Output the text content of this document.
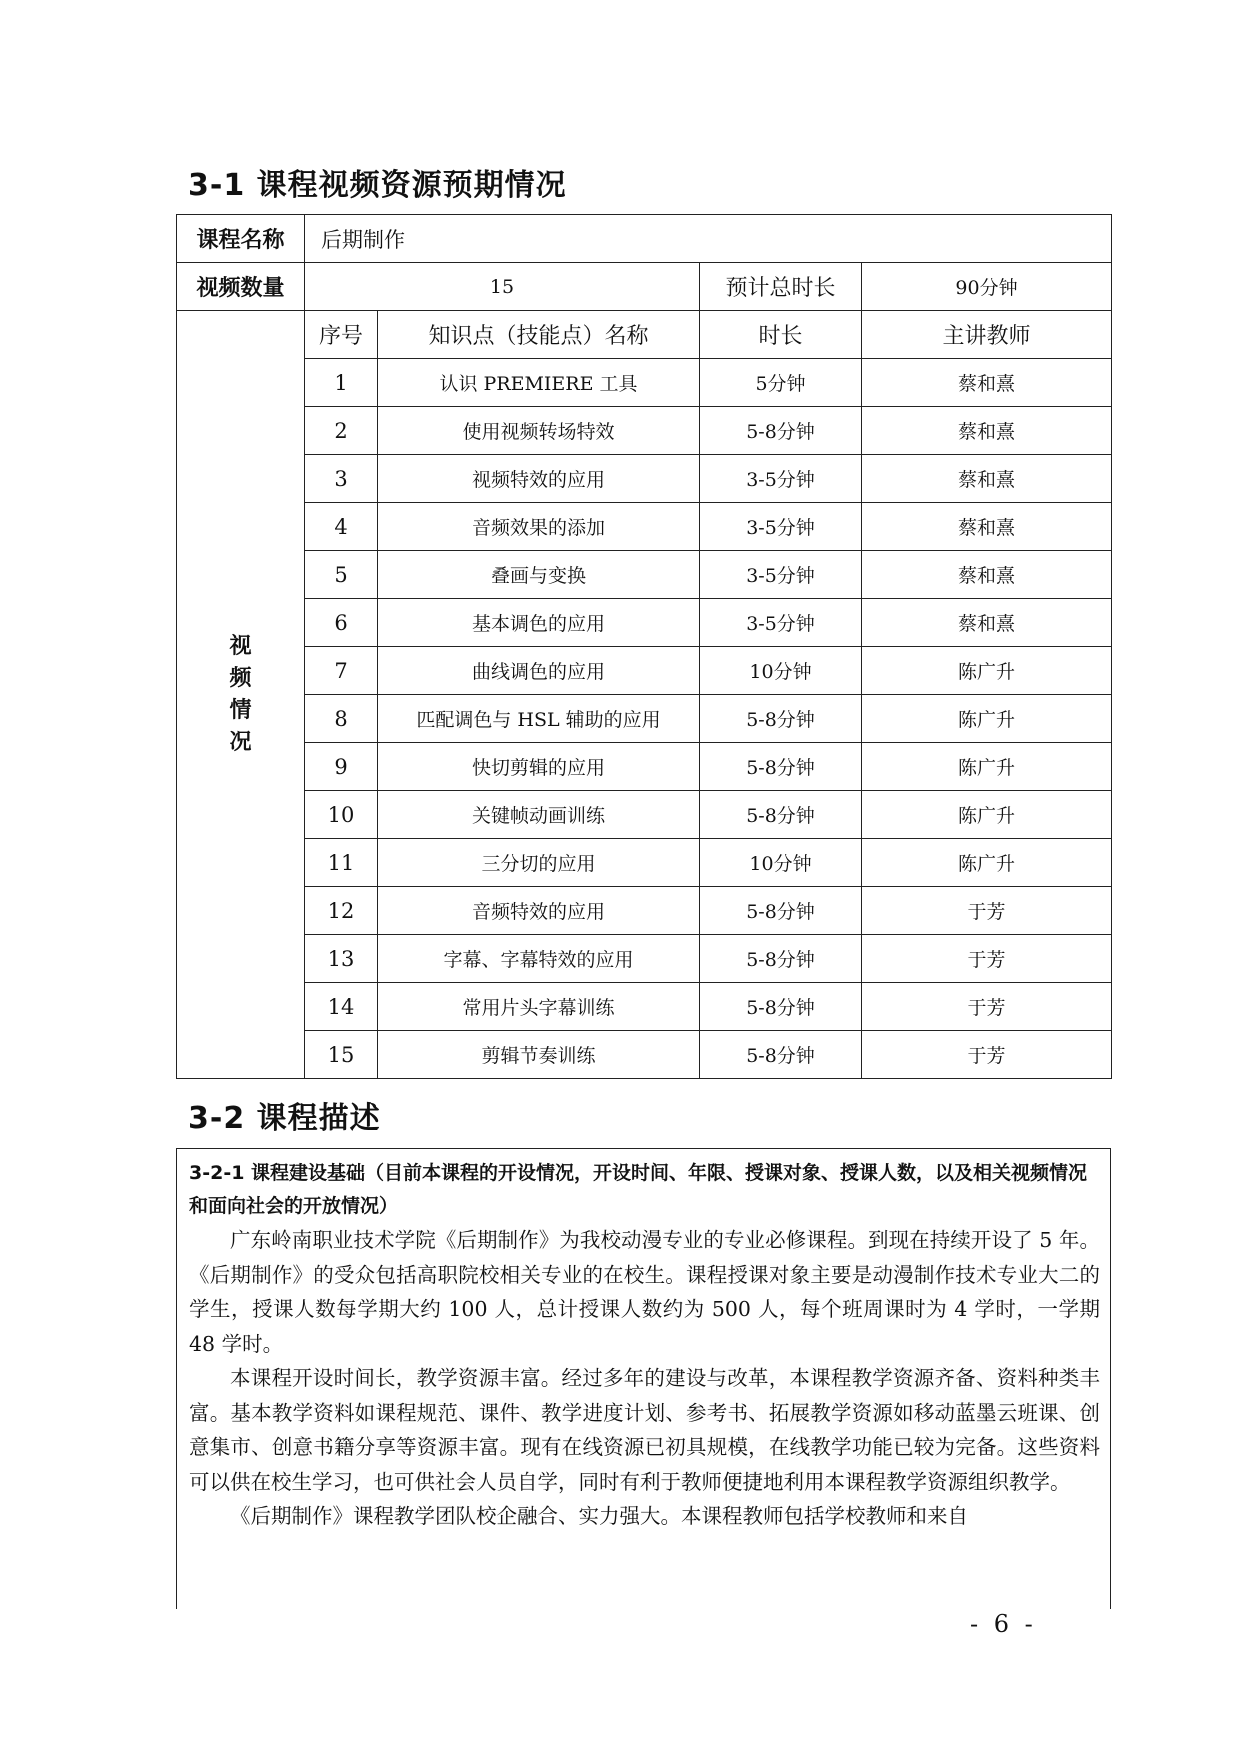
3-1 课程视频资源预期情况
课程名称	后期制作			
视频数量	15		预计总时长	90分钟
视频情况	序号	知识点（技能点）名称	时长	主讲教师
	1	认识 PREMIERE 工具	5分钟	蔡和熹
	2	使用视频转场特效	5-8分钟	蔡和熹
	3	视频特效的应用	3-5分钟	蔡和熹
	4	音频效果的添加	3-5分钟	蔡和熹
	5	叠画与变换	3-5分钟	蔡和熹
	6	基本调色的应用	3-5分钟	蔡和熹
	7	曲线调色的应用	10分钟	陈广升
	8	匹配调色与 HSL 辅助的应用	5-8分钟	陈广升
	9	快切剪辑的应用	5-8分钟	陈广升
	10	关键帧动画训练	5-8分钟	陈广升
	11	三分切的应用	10分钟	陈广升
	12	音频特效的应用	5-8分钟	于芳
	13	字幕、字幕特效的应用	5-8分钟	于芳
	14	常用片头字幕训练	5-8分钟	于芳
	15	剪辑节奏训练	5-8分钟	于芳
3-2 课程描述
3-2-1 课程建设基础（目前本课程的开设情况，开设时间、年限、授课对象、授课人数，以及相关视频情况和面向社会的开放情况）

广东岭南职业技术学院《后期制作》为我校动漫专业的专业必修课程。到现在持续开设了 5 年。《后期制作》的受众包括高职院校相关专业的在校生。课程授课对象主要是动漫制作技术专业大二的学生，授课人数每学期大约 100 人，总计授课人数约为 500 人，每个班周课时为 4 学时，一学期 48 学时。

本课程开设时间长，教学资源丰富。经过多年的建设与改革，本课程教学资源齐备、资料种类丰富。基本教学资料如课程规范、课件、教学进度计划、参考书、拓展教学资源如移动蓝墨云班课、创意集市、创意书籍分享等资源丰富。现有在线资源已初具规模，在线教学功能已较为完备。这些资料可以供在校生学习，也可供社会人员自学，同时有利于教师便捷地利用本课程教学资源组织教学。

《后期制作》课程教学团队校企融合、实力强大。本课程教师包括学校教师和来自

- 6 -
